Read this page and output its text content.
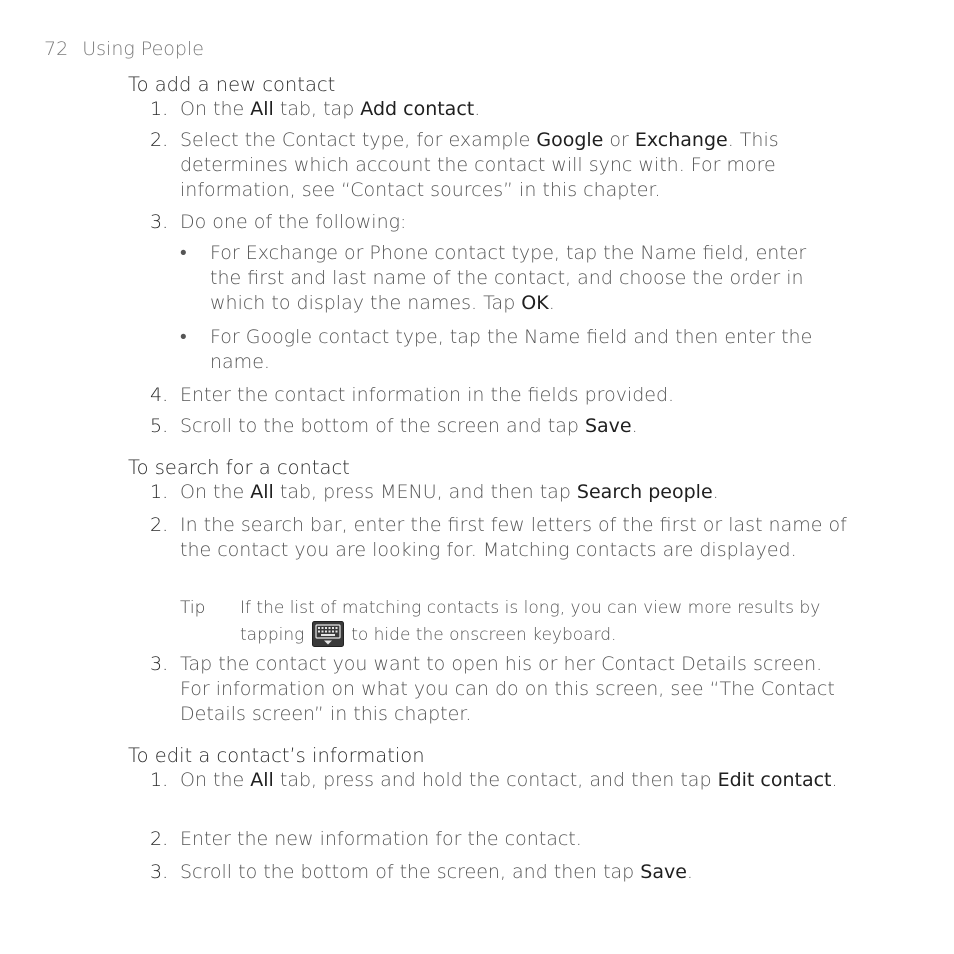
72 Using People
To add a new contact
1. On the All tab, tap Add contact.
2. Select the Contact type, for example Google or Exchange. This determines which account the contact will sync with. For more information, see “Contact sources” in this chapter.
3. Do one of the following:
• For Exchange or Phone contact type, tap the Name field, enter the first and last name of the contact, and choose the order in which to display the names. Tap OK.
• For Google contact type, tap the Name field and then enter the name.
4. Enter the contact information in the fields provided.
5. Scroll to the bottom of the screen and tap Save.
To search for a contact
1. On the All tab, press MENU, and then tap Search people.
2. In the search bar, enter the first few letters of the first or last name of the contact you are looking for. Matching contacts are displayed.
Tip If the list of matching contacts is long, you can view more results by tapping	to hide the onscreen keyboard.
3. Tap the contact you want to open his or her Contact Details screen. For information on what you can do on this screen, see “The Contact Details screen” in this chapter.
To edit a contact’s information
1. On the All tab, press and hold the contact, and then tap Edit contact.
2. Enter the new information for the contact.
3. Scroll to the bottom of the screen, and then tap Save.
